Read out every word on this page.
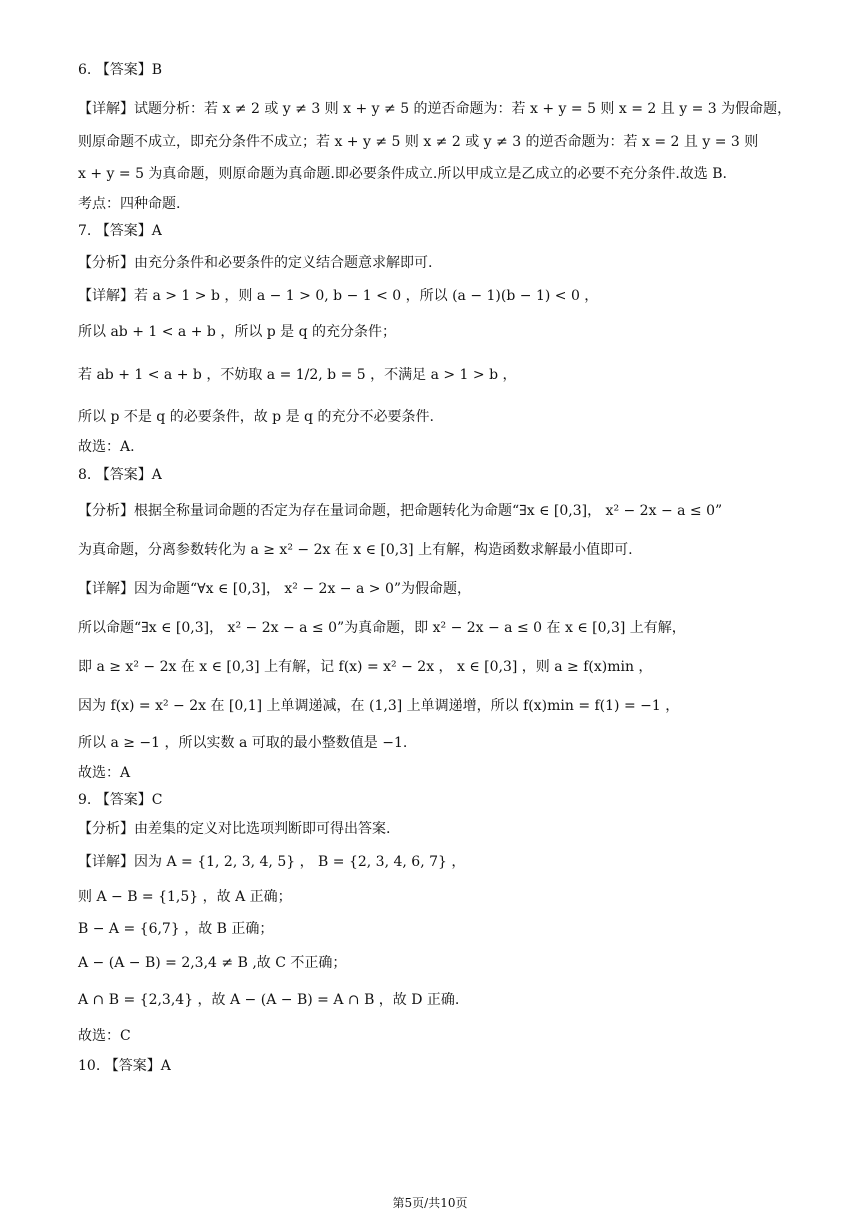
6. 【答案】B
【详解】试题分析：若 x ≠ 2 或 y ≠ 3 则 x + y ≠ 5 的逆否命题为：若 x + y = 5 则 x = 2 且 y = 3 为假命题，
则原命题不成立，即充分条件不成立；若 x + y ≠ 5 则 x ≠ 2 或 y ≠ 3 的逆否命题为：若 x = 2 且 y = 3 则
x + y = 5 为真命题，则原命题为真命题.即必要条件成立.所以甲成立是乙成立的必要不充分条件.故选 B.
考点：四种命题.
7. 【答案】A
【分析】由充分条件和必要条件的定义结合题意求解即可.
【详解】若 a > 1 > b ，则 a − 1 > 0, b − 1 < 0 ，所以 (a − 1)(b − 1) < 0 ，
所以 ab + 1 < a + b ，所以 p 是 q 的充分条件；
若 ab + 1 < a + b ，不妨取 a = 1/2, b = 5 ，不满足 a > 1 > b ，
所以 p 不是 q 的必要条件，故 p 是 q 的充分不必要条件.
故选：A.
8. 【答案】A
【分析】根据全称量词命题的否定为存在量词命题，把命题转化为命题“∃x ∈ [0,3]， x² − 2x − a ≤ 0”
为真命题，分离参数转化为 a ≥ x² − 2x 在 x ∈ [0,3] 上有解，构造函数求解最小值即可.
【详解】因为命题“∀x ∈ [0,3]， x² − 2x − a > 0”为假命题，
所以命题“∃x ∈ [0,3]， x² − 2x − a ≤ 0”为真命题，即 x² − 2x − a ≤ 0 在 x ∈ [0,3] 上有解，
即 a ≥ x² − 2x 在 x ∈ [0,3] 上有解，记 f(x) = x² − 2x ， x ∈ [0,3] ，则 a ≥ f(x)min ，
因为 f(x) = x² − 2x 在 [0,1] 上单调递减，在 (1,3] 上单调递增，所以 f(x)min = f(1) = −1 ，
所以 a ≥ −1 ，所以实数 a 可取的最小整数值是 −1.
故选：A
9. 【答案】C
【分析】由差集的定义对比选项判断即可得出答案.
【详解】因为 A = {1, 2, 3, 4, 5} ， B = {2, 3, 4, 6, 7} ，
则 A − B = {1,5} ，故 A 正确；
B − A = {6,7} ，故 B 正确；
A − (A − B) = 2,3,4 ≠ B ,故 C 不正确；
A ∩ B = {2,3,4} ，故 A − (A − B) = A ∩ B ，故 D 正确.
故选：C
10. 【答案】A
第5页/共10页
